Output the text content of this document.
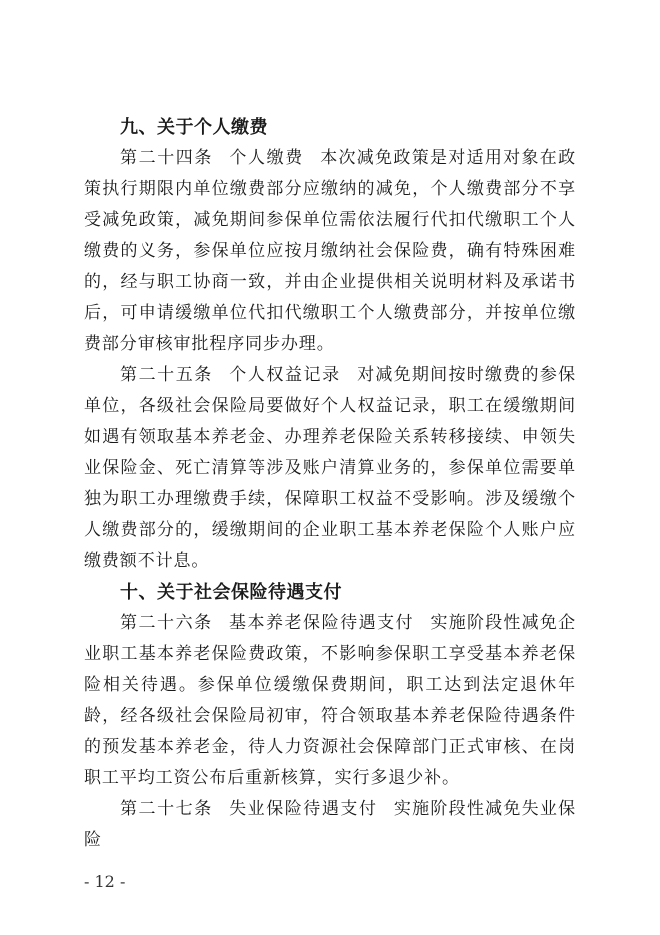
九、关于个人缴费

第二十四条 个人缴费 本次减免政策是对适用对象在政策执行期限内单位缴费部分应缴纳的减免，个人缴费部分不享受减免政策，减免期间参保单位需依法履行代扣代缴职工个人缴费的义务，参保单位应按月缴纳社会保险费，确有特殊困难的，经与职工协商一致，并由企业提供相关说明材料及承诺书后，可申请缓缴单位代扣代缴职工个人缴费部分，并按单位缴费部分审核审批程序同步办理。

第二十五条 个人权益记录 对减免期间按时缴费的参保单位，各级社会保险局要做好个人权益记录，职工在缓缴期间如遇有领取基本养老金、办理养老保险关系转移接续、申领失业保险金、死亡清算等涉及账户清算业务的，参保单位需要单独为职工办理缴费手续，保障职工权益不受影响。涉及缓缴个人缴费部分的，缓缴期间的企业职工基本养老保险个人账户应缴费额不计息。

十、关于社会保险待遇支付

第二十六条 基本养老保险待遇支付 实施阶段性减免企业职工基本养老保险费政策，不影响参保职工享受基本养老保险相关待遇。参保单位缓缴保费期间，职工达到法定退休年龄，经各级社会保险局初审，符合领取基本养老保险待遇条件的预发基本养老金，待人力资源社会保障部门正式审核、在岗职工平均工资公布后重新核算，实行多退少补。

第二十七条 失业保险待遇支付 实施阶段性减免失业保险

- 12 -
